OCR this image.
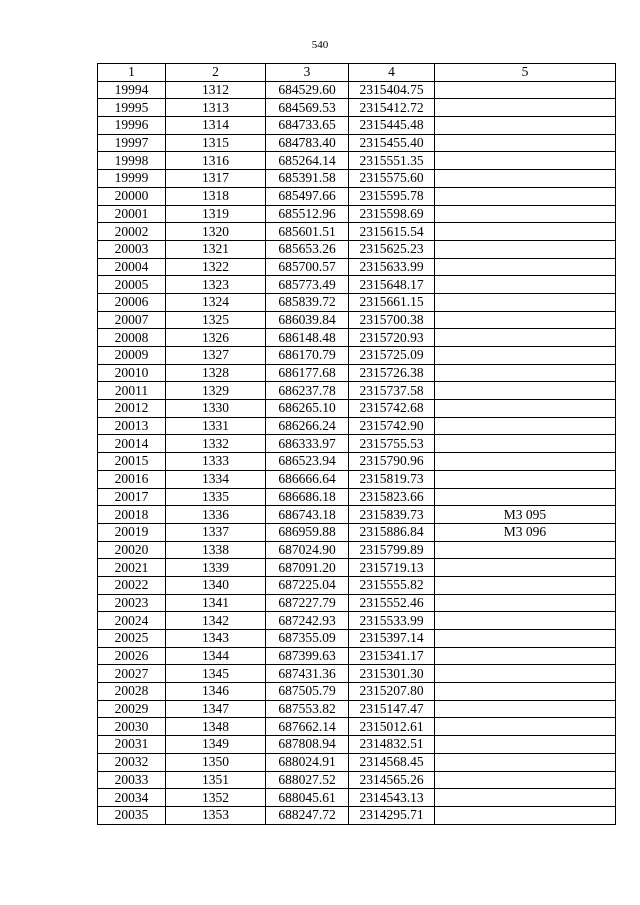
540
1	2	3	4	5
19994	1312	684529.60	2315404.75	
19995	1313	684569.53	2315412.72	
19996	1314	684733.65	2315445.48	
19997	1315	684783.40	2315455.40	
19998	1316	685264.14	2315551.35	
19999	1317	685391.58	2315575.60	
20000	1318	685497.66	2315595.78	
20001	1319	685512.96	2315598.69	
20002	1320	685601.51	2315615.54	
20003	1321	685653.26	2315625.23	
20004	1322	685700.57	2315633.99	
20005	1323	685773.49	2315648.17	
20006	1324	685839.72	2315661.15	
20007	1325	686039.84	2315700.38	
20008	1326	686148.48	2315720.93	
20009	1327	686170.79	2315725.09	
20010	1328	686177.68	2315726.38	
20011	1329	686237.78	2315737.58	
20012	1330	686265.10	2315742.68	
20013	1331	686266.24	2315742.90	
20014	1332	686333.97	2315755.53	
20015	1333	686523.94	2315790.96	
20016	1334	686666.64	2315819.73	
20017	1335	686686.18	2315823.66	
20018	1336	686743.18	2315839.73	М3 095
20019	1337	686959.88	2315886.84	М3 096
20020	1338	687024.90	2315799.89	
20021	1339	687091.20	2315719.13	
20022	1340	687225.04	2315555.82	
20023	1341	687227.79	2315552.46	
20024	1342	687242.93	2315533.99	
20025	1343	687355.09	2315397.14	
20026	1344	687399.63	2315341.17	
20027	1345	687431.36	2315301.30	
20028	1346	687505.79	2315207.80	
20029	1347	687553.82	2315147.47	
20030	1348	687662.14	2315012.61	
20031	1349	687808.94	2314832.51	
20032	1350	688024.91	2314568.45	
20033	1351	688027.52	2314565.26	
20034	1352	688045.61	2314543.13	
20035	1353	688247.72	2314295.71	
